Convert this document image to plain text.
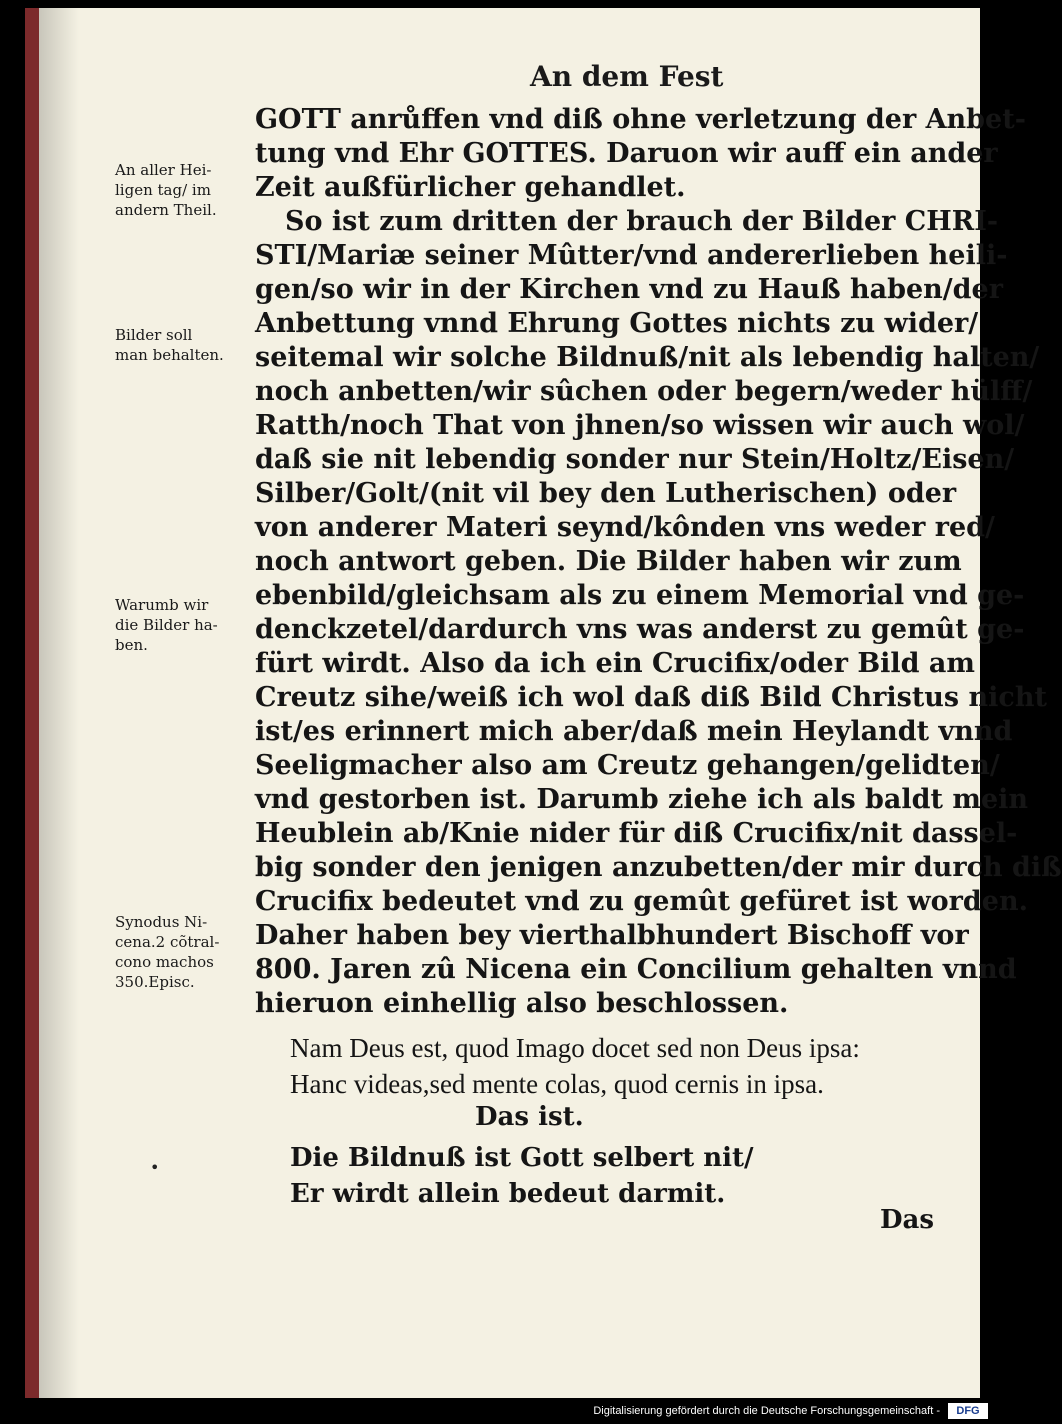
An dem Fest
GOTT anrůffen vnd diß ohne verletzung der Anbet-
tung vnd Ehr GOTTES. Daruon wir auff ein ander
Zeit außfürlicher gehandlet.
So ist zum dritten der brauch der Bilder CHRI-
STI/Mariæ seiner Mûtter/vnd andererlieben heili-
gen/so wir in der Kirchen vnd zu Hauß haben/der
Anbettung vnnd Ehrung Gottes nichts zu wider/
seitemal wir solche Bildnuß/nit als lebendig halten/
noch anbetten/wir sûchen oder begern/weder hülff/
Ratth/noch That von jhnen/so wissen wir auch wol/
daß sie nit lebendig sonder nur Stein/Holtz/Eisen/
Silber/Golt/(nit vil bey den Lutherischen) oder
von anderer Materi seynd/kônden vns weder red/
noch antwort geben. Die Bilder haben wir zum
ebenbild/gleichsam als zu einem Memorial vnd ge-
denckzetel/dardurch vns was anderst zu gemût ge-
fürt wirdt. Also da ich ein Crucifix/oder Bild am
Creutz sihe/weiß ich wol daß diß Bild Christus nicht
ist/es erinnert mich aber/daß mein Heylandt vnnd
Seeligmacher also am Creutz gehangen/gelidten/
vnd gestorben ist. Darumb ziehe ich als baldt mein
Heublein ab/Knie nider für diß Crucifix/nit dassel-
big sonder den jenigen anzubetten/der mir durch diß
Crucifix bedeutet vnd zu gemût gefüret ist worden.
Daher haben bey vierthalbhundert Bischoff vor
800. Jaren zû Nicena ein Concilium gehalten vnnd
hieruon einhellig also beschlossen.
An aller Hei-
ligen tag/ im
andern Theil.
Bilder soll
man behalten.
Warumb wir
die Bilder ha-
ben.
Synodus Ni-
cena.2 cõtral-
cono machos
350.Episc.
Nam Deus est, quod Imago docet sed non Deus ipsa:
Hanc videas,sed mente colas, quod cernis in ipsa.
Das ist.
Die Bildnuß ist Gott selbert nit/
Er wirdt allein bedeut darmit.
•
Das
Digitalisierung gefördert durch die Deutsche Forschungsgemeinschaft -	DFG
